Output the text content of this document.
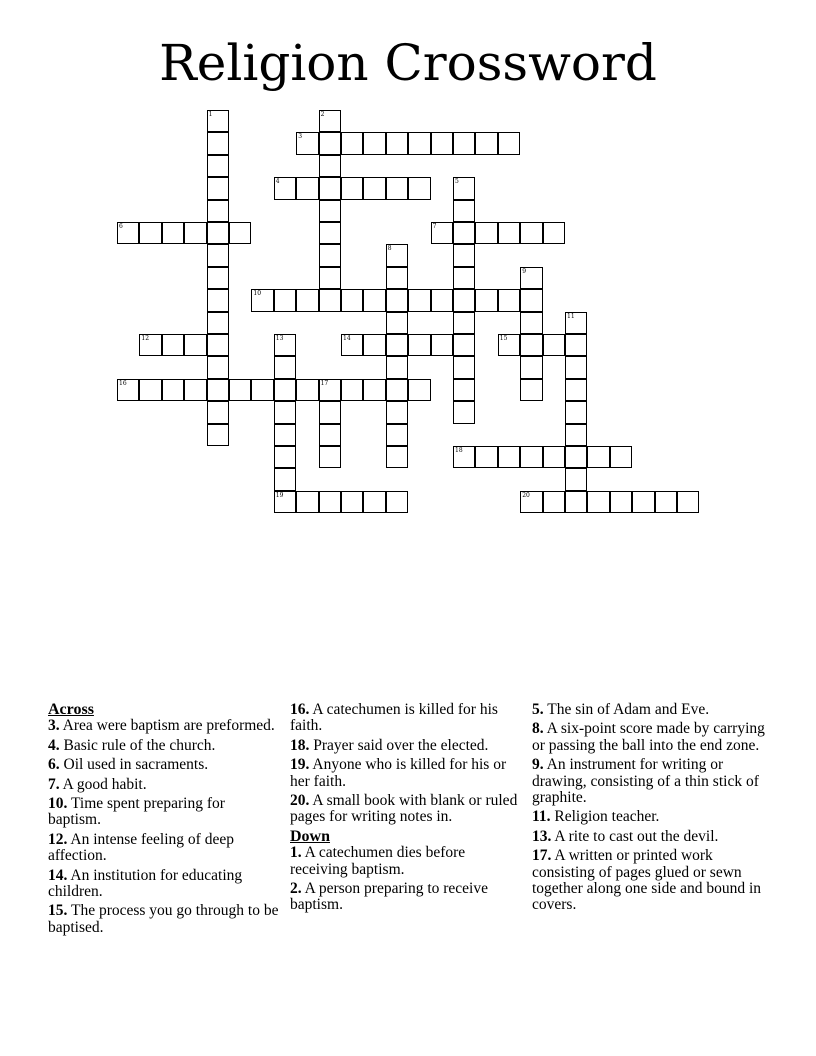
Religion Crossword
1	2
3
4	5
6	7
8
9
10
11
12	13	14	15
16	17
18
19	20
Across
3. Area were baptism are preformed.
4. Basic rule of the church.
6. Oil used in sacraments.
7. A good habit.
10. Time spent preparing for baptism.
12. An intense feeling of deep affection.
14. An institution for educating children.
15. The process you go through to be baptised.
16. A catechumen is killed for his faith.
18. Prayer said over the elected.
19. Anyone who is killed for his or her faith.
20. A small book with blank or ruled pages for writing notes in.
Down
1. A catechumen dies before receiving baptism.
2. A person preparing to receive baptism.
5. The sin of Adam and Eve.
8. A six-point score made by carrying or passing the ball into the end zone.
9. An instrument for writing or drawing, consisting of a thin stick of graphite.
11. Religion teacher.
13. A rite to cast out the devil.
17. A written or printed work consisting of pages glued or sewn together along one side and bound in covers.
